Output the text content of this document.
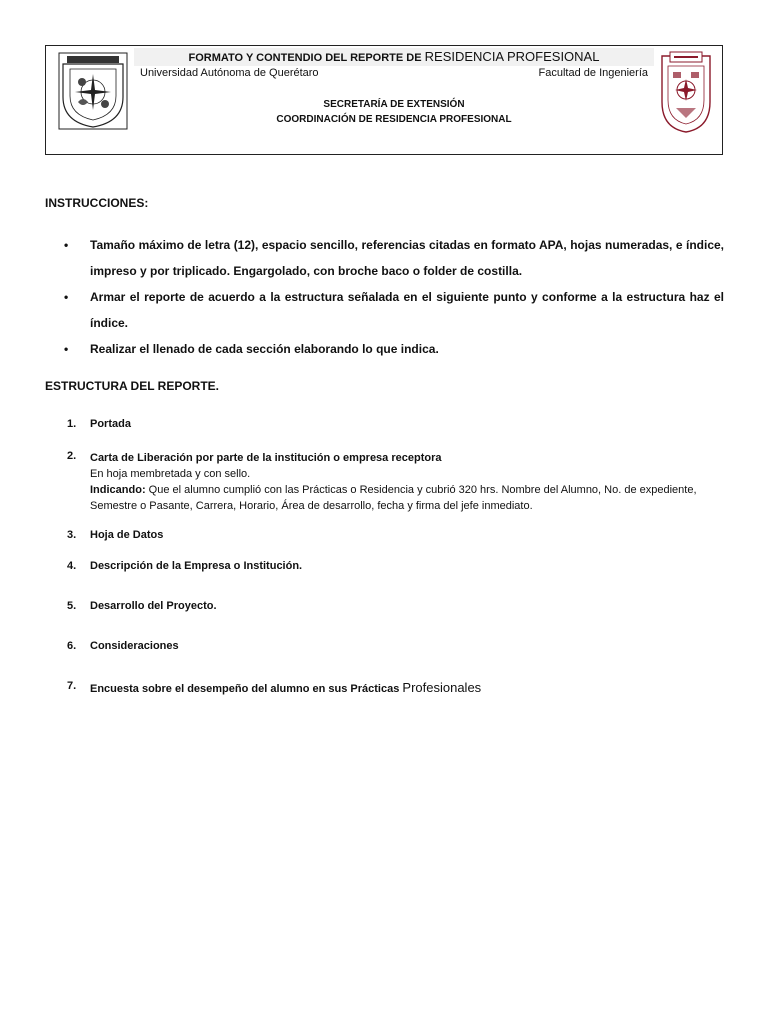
FORMATO Y CONTENDIO DEL REPORTE DE RESIDENCIA PROFESIONAL
Universidad Autónoma de Querétaro	Facultad de Ingeniería
SECRETARÍA DE EXTENSIÓN
COORDINACIÓN DE RESIDENCIA PROFESIONAL
INSTRUCCIONES:
• Tamaño máximo de letra (12), espacio sencillo, referencias citadas en formato APA, hojas numeradas, e índice, impreso y por triplicado. Engargolado, con broche baco o folder de costilla.
• Armar el reporte de acuerdo a la estructura señalada en el siguiente punto y conforme a la estructura haz el índice.
• Realizar el llenado de cada sección elaborando lo que indica.
ESTRUCTURA DEL REPORTE.
1. Portada
2. Carta de Liberación por parte de la institución o empresa receptora
En hoja membretada y con sello.
Indicando: Que el alumno cumplió con las Prácticas o Residencia y cubrió 320 hrs. Nombre del Alumno, No. de expediente,
Semestre o Pasante, Carrera, Horario, Área de desarrollo, fecha y firma del jefe inmediato.
3. Hoja de Datos
4. Descripción de la Empresa o Institución.
5. Desarrollo del Proyecto.
6. Consideraciones
7. Encuesta sobre el desempeño del alumno en sus Prácticas Profesionales
